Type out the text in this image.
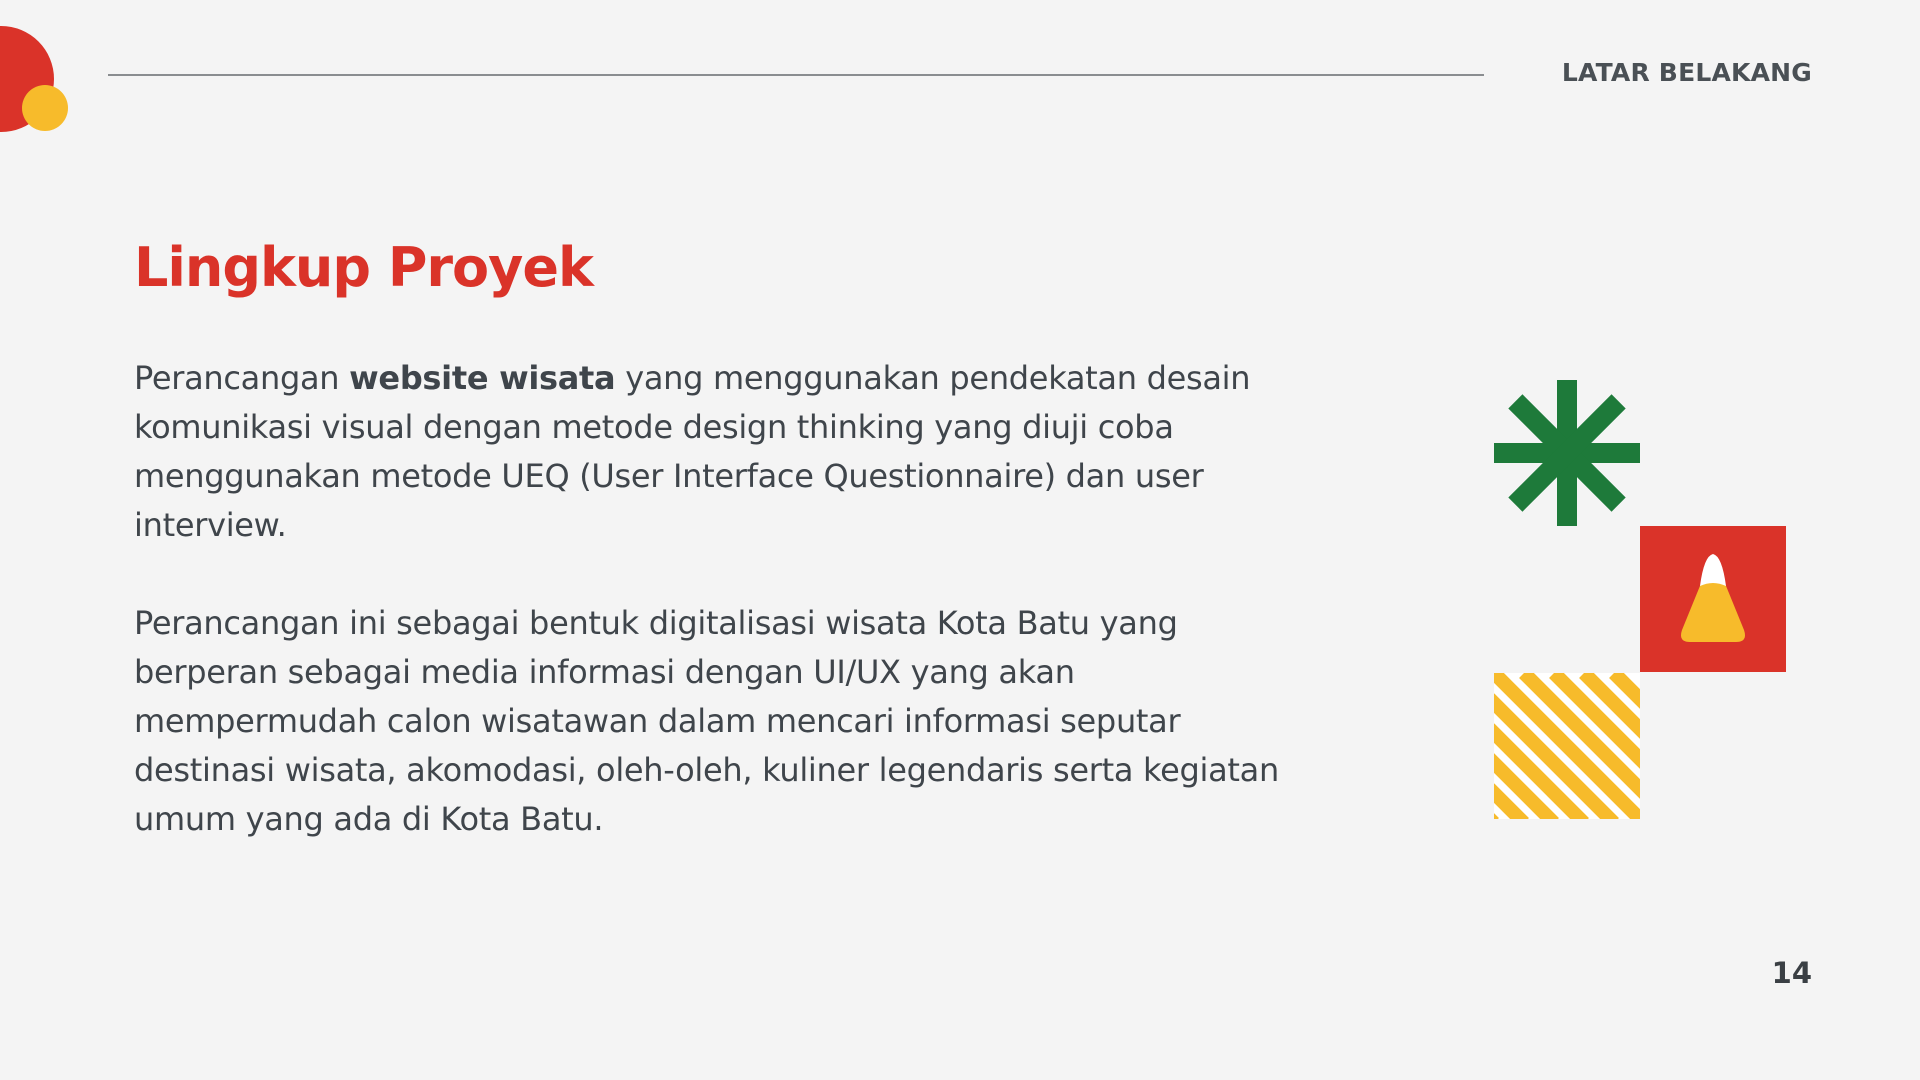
LATAR BELAKANG
Lingkup Proyek

Perancangan website wisata yang menggunakan pendekatan desain komunikasi visual dengan metode design thinking yang diuji coba menggunakan metode UEQ (User Interface Questionnaire) dan user interview.

Perancangan ini sebagai bentuk digitalisasi wisata Kota Batu yang berperan sebagai media informasi dengan UI/UX yang akan mempermudah calon wisatawan dalam mencari informasi seputar destinasi wisata, akomodasi, oleh-oleh, kuliner legendaris serta kegiatan umum yang ada di Kota Batu.

14
